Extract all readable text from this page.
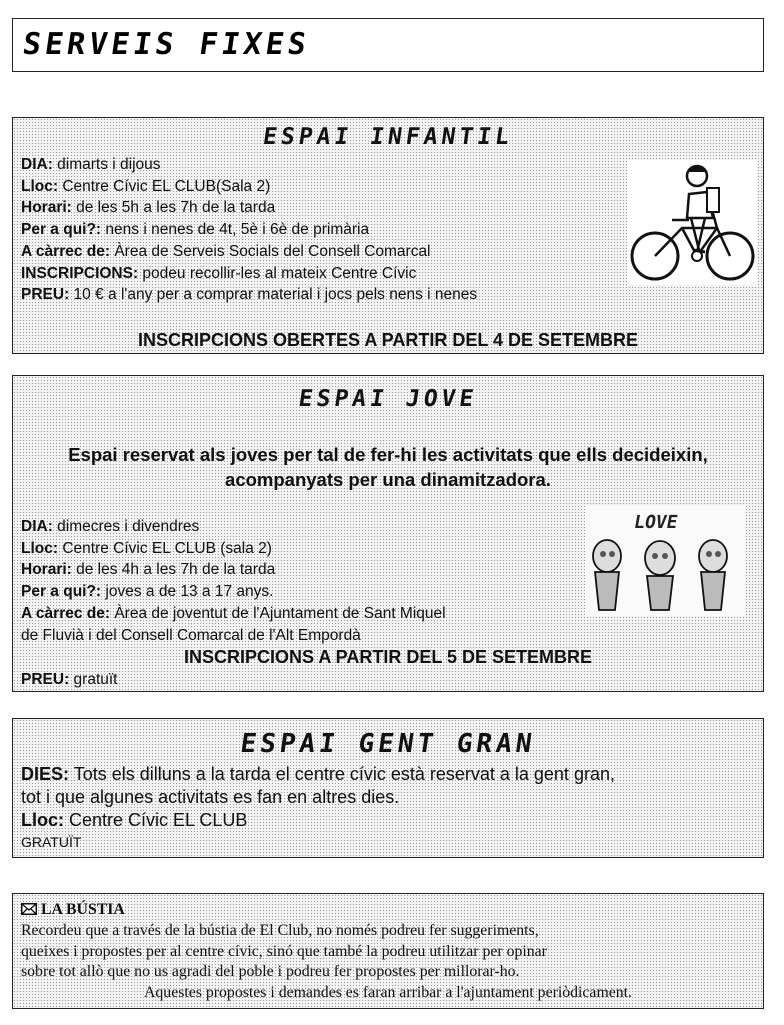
SERVEIS FIXES
ESPAI INFANTIL
DIA: dimarts i dijous
Lloc: Centre Cívic EL CLUB(Sala 2)
Horari: de les 5h a les 7h de la tarda
Per a qui?: nens i nenes de 4t, 5è i 6è de primària
A càrrec de: Àrea de Serveis Socials del Consell Comarcal
INSCRIPCIONS: podeu recollir-les al mateix Centre Cívic
PREU: 10 € a l'any per a comprar material i jocs pels nens i nenes
INSCRIPCIONS OBERTES A PARTIR DEL 4 DE SETEMBRE
ESPAI JOVE
Espai reservat als joves per tal de fer-hi les activitats que ells decideixin,
acompanyats per una dinamitzadora.
DIA: dimecres i divendres
Lloc: Centre Cívic EL CLUB (sala 2)
Horari: de les 4h a les 7h de la tarda
Per a qui?: joves a de 13 a 17 anys.
A càrrec de: Àrea de joventut de l'Ajuntament de Sant Miquel
de Fluvià i del Consell Comarcal de l'Alt Empordà
INSCRIPCIONS A PARTIR DEL 5 DE SETEMBRE
PREU: gratuït
LOVE
ESPAI GENT GRAN
DIES: Tots els dilluns a la tarda el centre cívic està reservat a la gent gran,
tot i que algunes activitats es fan en altres dies.
Lloc: Centre Cívic EL CLUB
GRATUÏT
LA BÚSTIA
Recordeu que a través de la bústia de El Club, no només podreu fer suggeriments,
queixes i propostes per al centre cívic, sinó que també la podreu utilitzar per opinar
sobre tot allò que no us agradi del poble i podreu fer propostes per millorar-ho.
Aquestes propostes i demandes es faran arribar a l'ajuntament periòdicament.
